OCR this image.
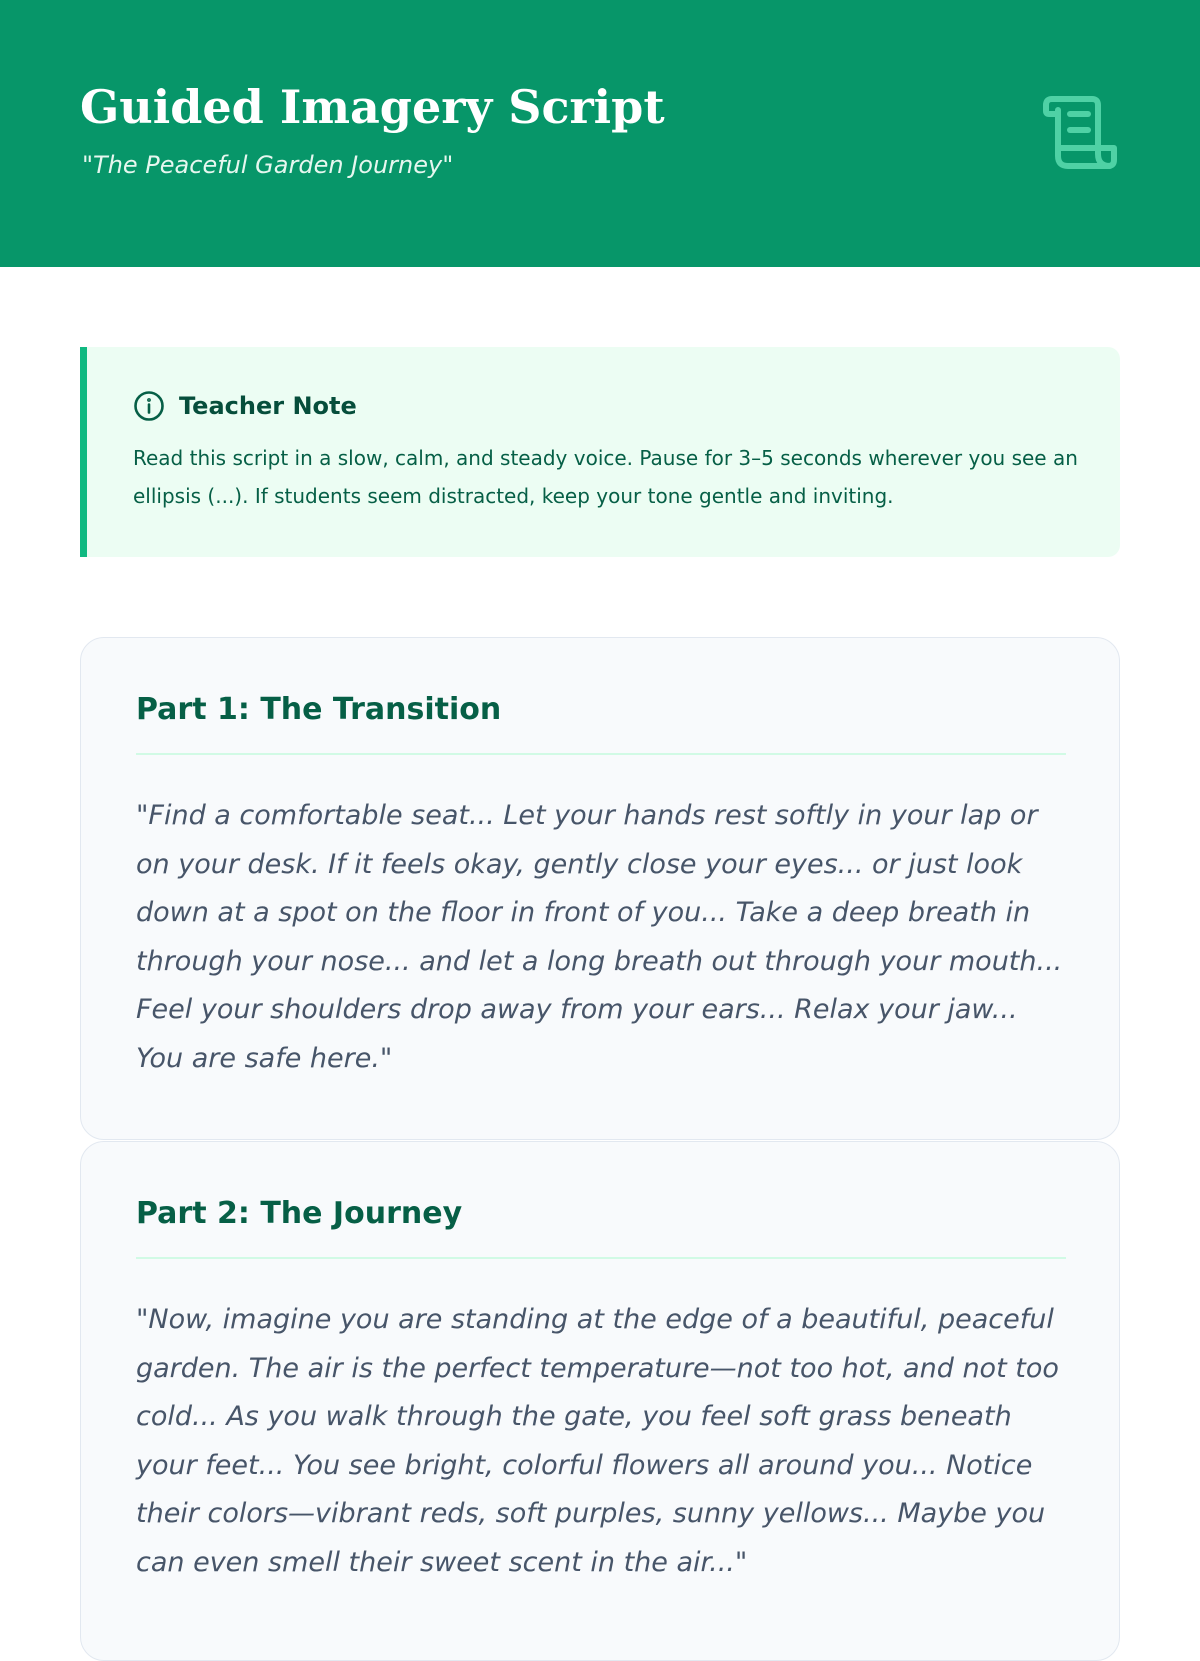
Guided Imagery Script
"The Peaceful Garden Journey"
Teacher Note
Read this script in a slow, calm, and steady voice. Pause for 3–5 seconds wherever you see an ellipsis (...). If students seem distracted, keep your tone gentle and inviting.
Part 1: The Transition
"Find a comfortable seat... Let your hands rest softly in your lap or on your desk. If it feels okay, gently close your eyes... or just look down at a spot on the floor in front of you... Take a deep breath in through your nose... and let a long breath out through your mouth... Feel your shoulders drop away from your ears... Relax your jaw... You are safe here."
Part 2: The Journey
"Now, imagine you are standing at the edge of a beautiful, peaceful garden. The air is the perfect temperature—not too hot, and not too cold... As you walk through the gate, you feel soft grass beneath your feet... You see bright, colorful flowers all around you... Notice their colors—vibrant reds, soft purples, sunny yellows... Maybe you can even smell their sweet scent in the air..."
